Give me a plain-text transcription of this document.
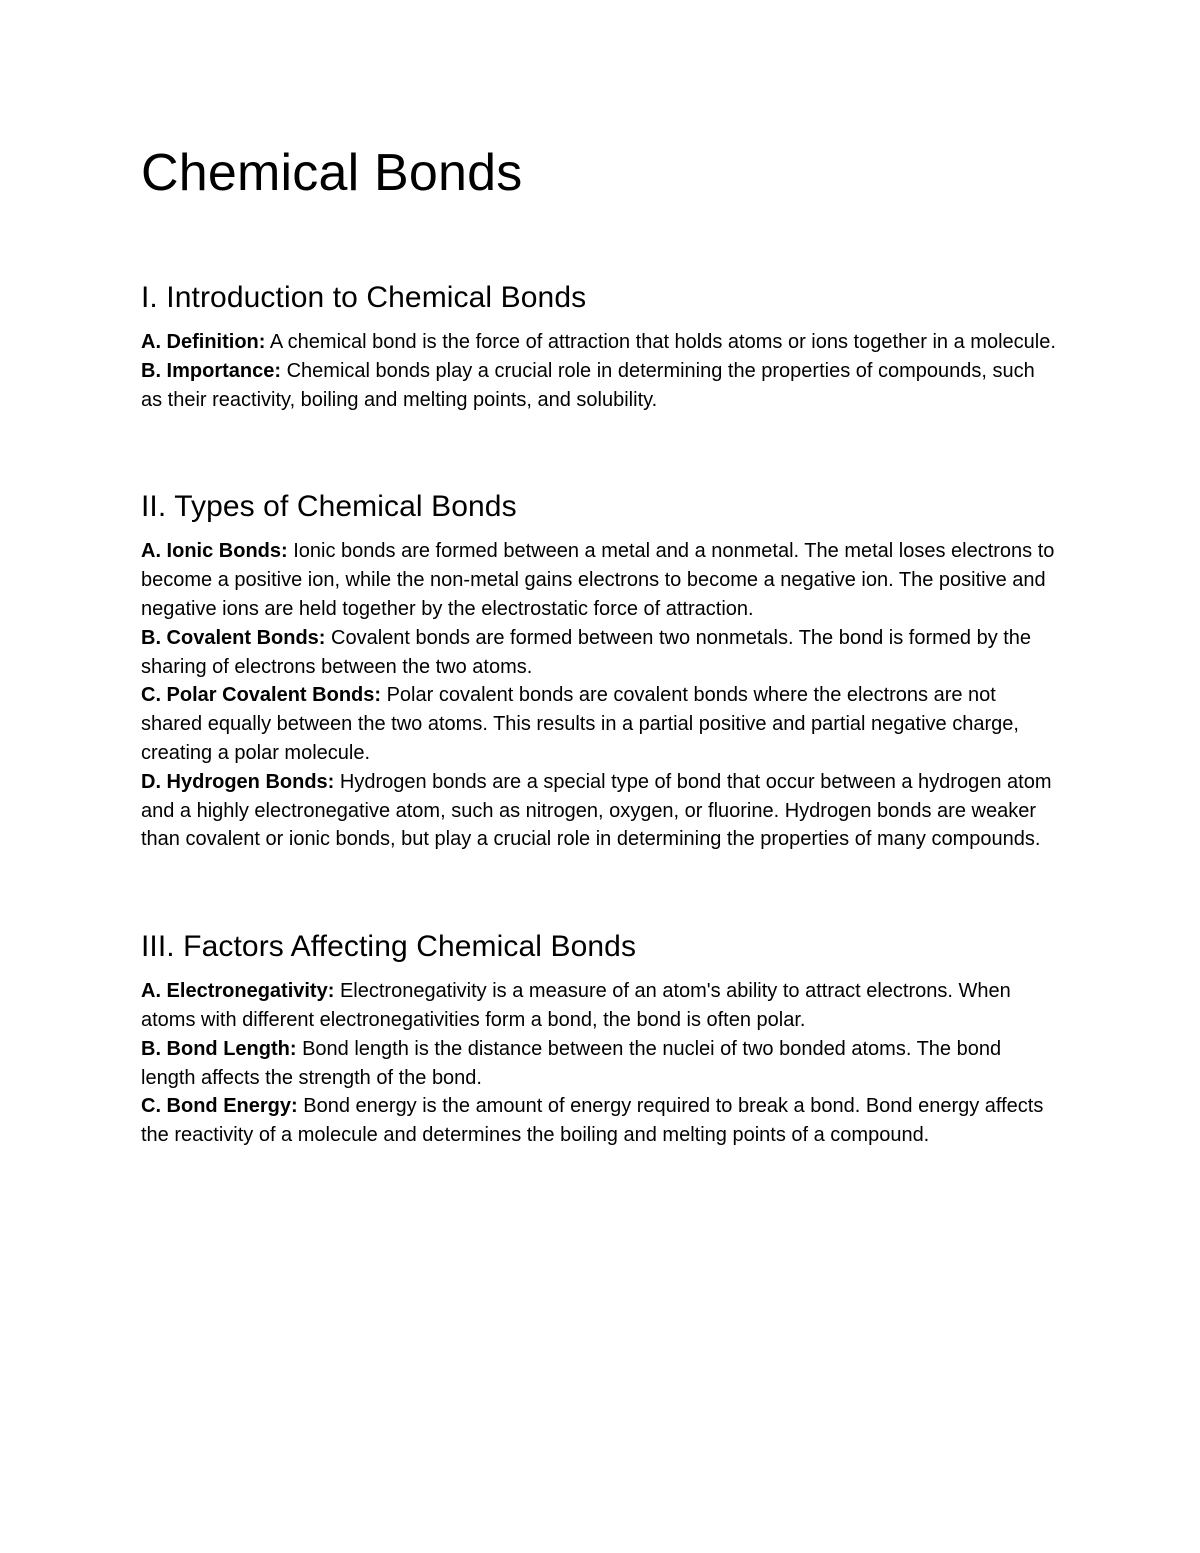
Chemical Bonds
I. Introduction to Chemical Bonds

A. Definition: A chemical bond is the force of attraction that holds atoms or ions together in a molecule.

B. Importance: Chemical bonds play a crucial role in determining the properties of compounds, such as their reactivity, boiling and melting points, and solubility.

II. Types of Chemical Bonds

A. Ionic Bonds: Ionic bonds are formed between a metal and a nonmetal. The metal loses electrons to become a positive ion, while the non-metal gains electrons to become a negative ion. The positive and negative ions are held together by the electrostatic force of attraction.

B. Covalent Bonds: Covalent bonds are formed between two nonmetals. The bond is formed by the sharing of electrons between the two atoms.

C. Polar Covalent Bonds: Polar covalent bonds are covalent bonds where the electrons are not shared equally between the two atoms. This results in a partial positive and partial negative charge, creating a polar molecule.

D. Hydrogen Bonds: Hydrogen bonds are a special type of bond that occur between a hydrogen atom and a highly electronegative atom, such as nitrogen, oxygen, or fluorine. Hydrogen bonds are weaker than covalent or ionic bonds, but play a crucial role in determining the properties of many compounds.

III. Factors Affecting Chemical Bonds

A. Electronegativity: Electronegativity is a measure of an atom's ability to attract electrons. When atoms with different electronegativities form a bond, the bond is often polar.

B. Bond Length: Bond length is the distance between the nuclei of two bonded atoms. The bond length affects the strength of the bond.

C. Bond Energy: Bond energy is the amount of energy required to break a bond. Bond energy affects the reactivity of a molecule and determines the boiling and melting points of a compound.
